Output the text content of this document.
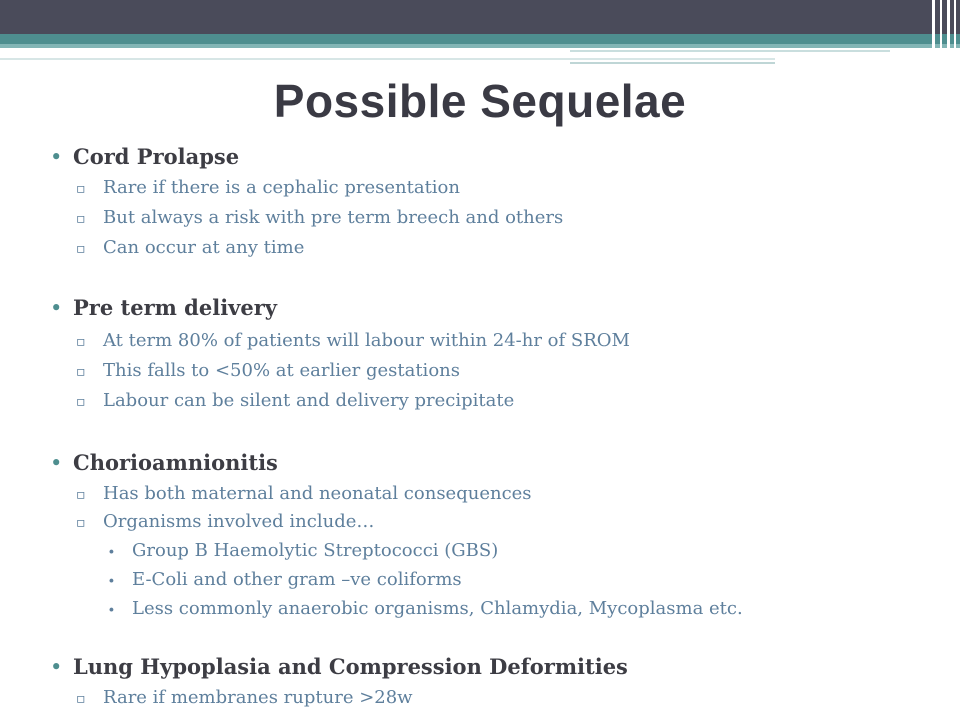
Possible Sequelae
• Cord Prolapse
▫ Rare if there is a cephalic presentation
▫ But always a risk with pre term breech and others
▫ Can occur at any time
• Pre term delivery
▫ At term 80% of patients will labour within 24-hr of SROM
▫ This falls to <50% at earlier gestations
▫ Labour can be silent and delivery precipitate
• Chorioamnionitis
▫ Has both maternal and neonatal consequences
▫ Organisms involved include…
∙ Group B Haemolytic Streptococci (GBS)
∙ E-Coli and other gram –ve coliforms
∙ Less commonly anaerobic organisms, Chlamydia, Mycoplasma etc.
• Lung Hypoplasia and Compression Deformities
▫ Rare if membranes rupture >28w
